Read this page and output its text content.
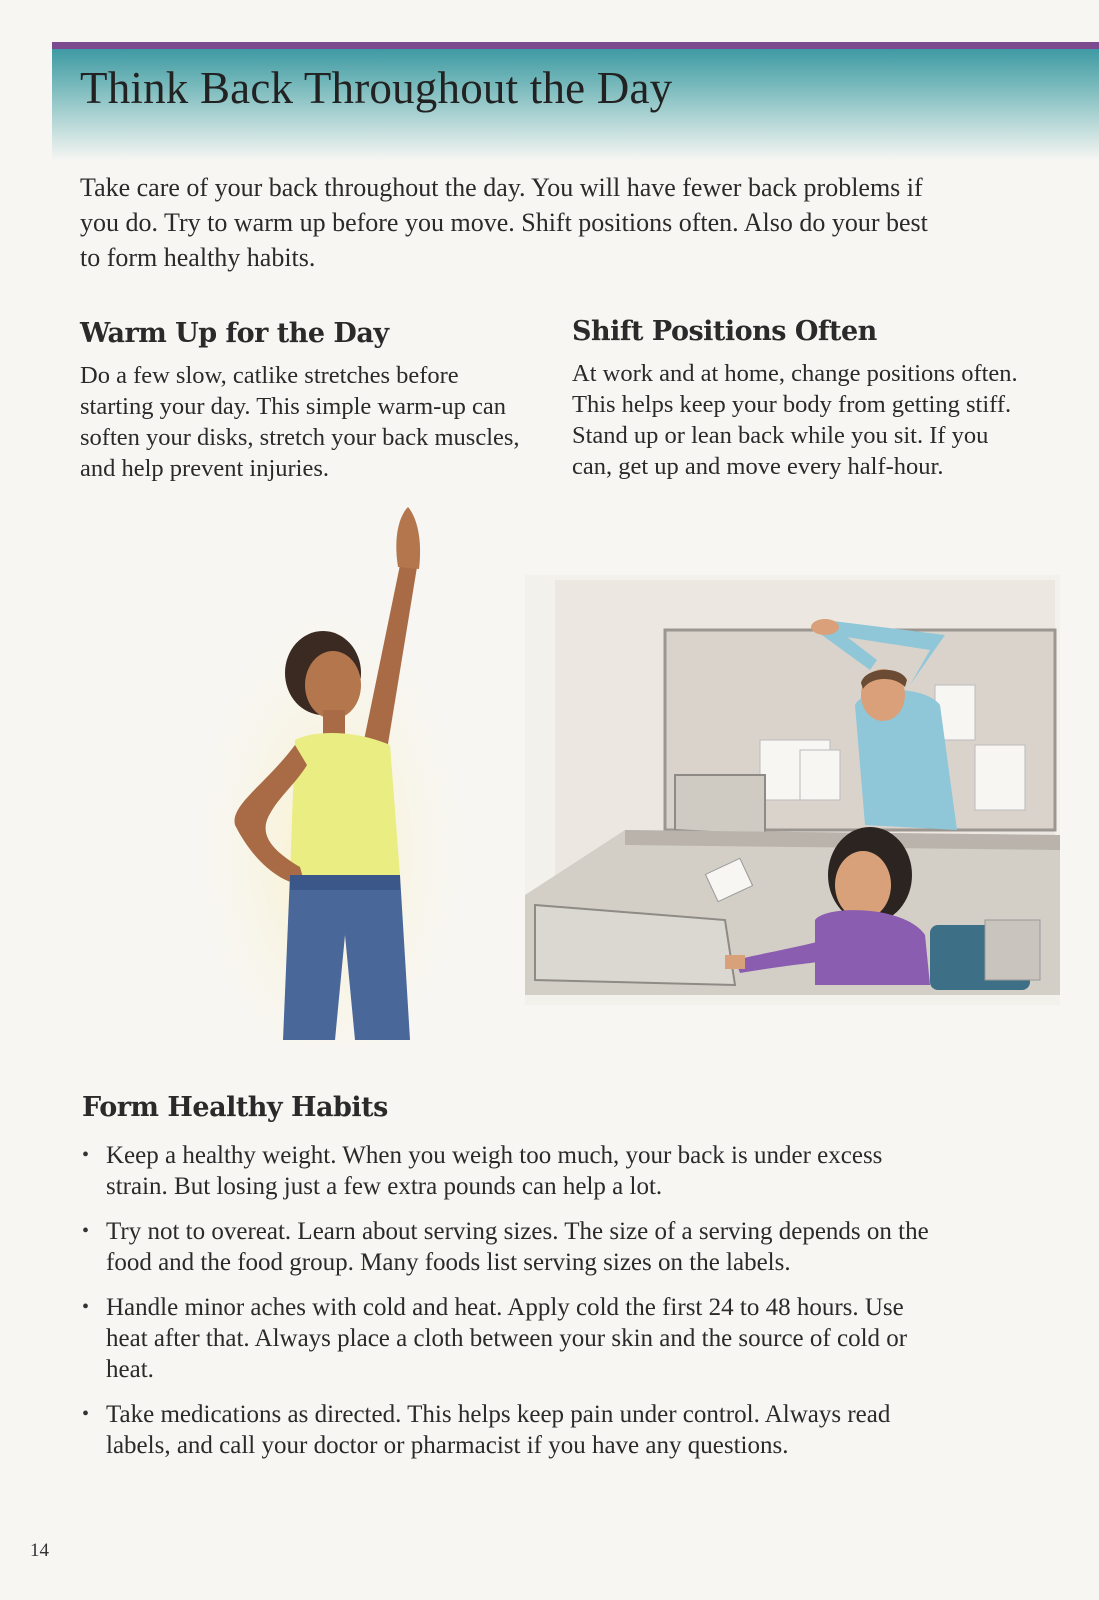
Think Back Throughout the Day

Take care of your back throughout the day. You will have fewer back problems if you do. Try to warm up before you move. Shift positions often. Also do your best to form healthy habits.

Warm Up for the Day

Do a few slow, catlike stretches before starting your day. This simple warm-up can soften your disks, stretch your back muscles, and help prevent injuries.

Shift Positions Often

At work and at home, change positions often. This helps keep your body from getting stiff. Stand up or lean back while you sit. If you can, get up and move every half-hour.

Form Healthy Habits
• Keep a healthy weight. When you weigh too much, your back is under excess strain. But losing just a few extra pounds can help a lot.
• Try not to overeat. Learn about serving sizes. The size of a serving depends on the food and the food group. Many foods list serving sizes on the labels.
• Handle minor aches with cold and heat. Apply cold the first 24 to 48 hours. Use heat after that. Always place a cloth between your skin and the source of cold or heat.
• Take medications as directed. This helps keep pain under control. Always read labels, and call your doctor or pharmacist if you have any questions.
14
